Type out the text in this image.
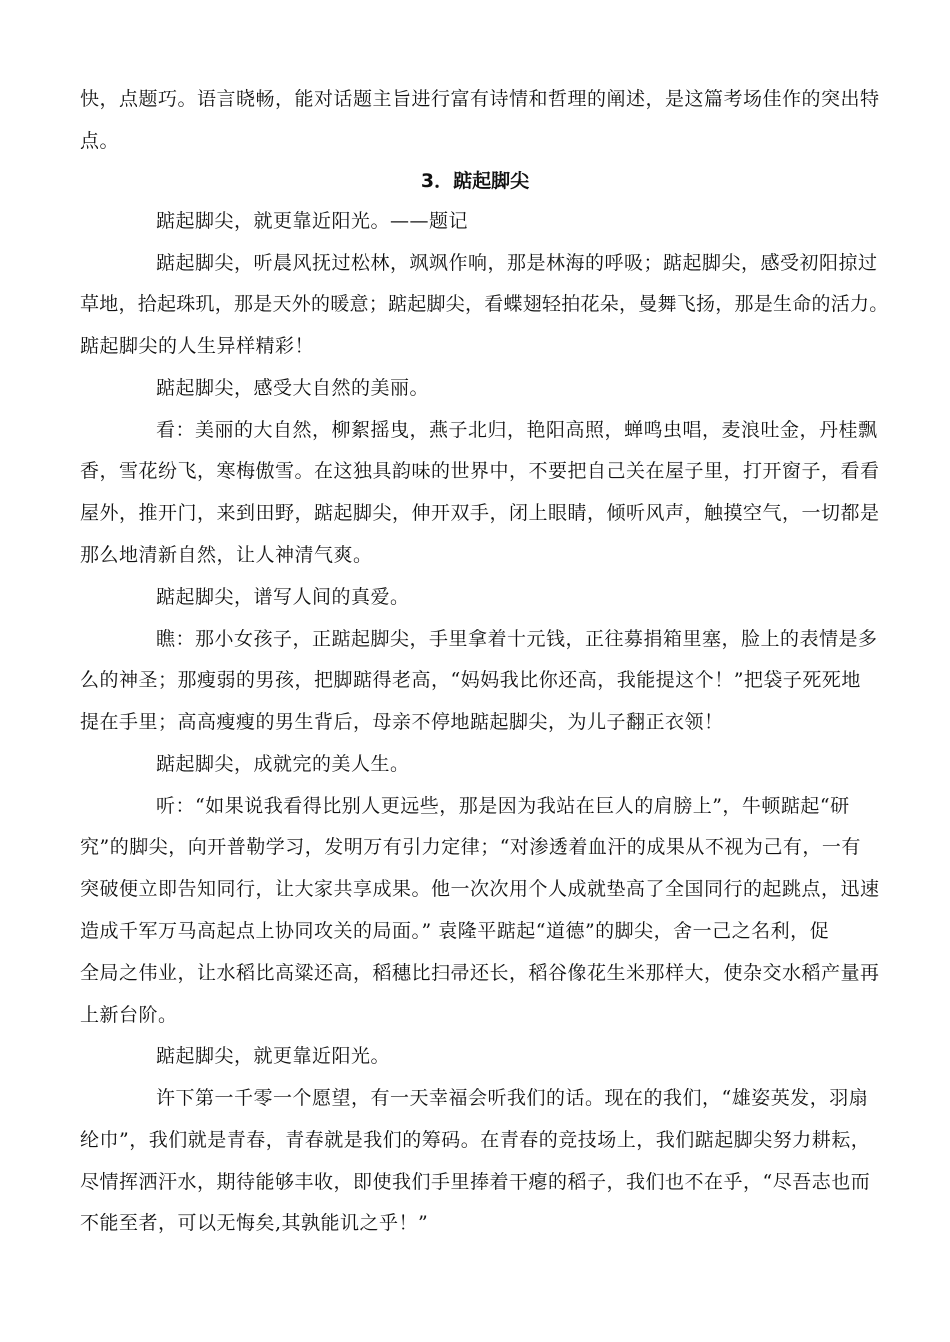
快，点题巧。语言晓畅，能对话题主旨进行富有诗情和哲理的阐述，是这篇考场佳作的突出特
点。
3．踮起脚尖
踮起脚尖，就更靠近阳光。——题记
踮起脚尖，听晨风抚过松林，飒飒作响，那是林海的呼吸；踮起脚尖，感受初阳掠过
草地，拾起珠玑，那是天外的暖意；踮起脚尖，看蝶翅轻拍花朵，曼舞飞扬，那是生命的活力。
踮起脚尖的人生异样精彩！
踮起脚尖，感受大自然的美丽。
看：美丽的大自然，柳絮摇曳，燕子北归，艳阳高照，蝉鸣虫唱，麦浪吐金，丹桂飘
香，雪花纷飞，寒梅傲雪。在这独具韵味的世界中，不要把自己关在屋子里，打开窗子，看看
屋外，推开门，来到田野，踮起脚尖，伸开双手，闭上眼睛，倾听风声，触摸空气，一切都是
那么地清新自然，让人神清气爽。
踮起脚尖，谱写人间的真爱。
瞧：那小女孩子，正踮起脚尖，手里拿着十元钱，正往募捐箱里塞，脸上的表情是多
么的神圣；那瘦弱的男孩，把脚踮得老高，“妈妈我比你还高，我能提这个！”把袋子死死地
提在手里；高高瘦瘦的男生背后，母亲不停地踮起脚尖，为儿子翻正衣领！
踮起脚尖，成就完的美人生。
听：“如果说我看得比别人更远些，那是因为我站在巨人的肩膀上”，牛顿踮起“研
究”的脚尖，向开普勒学习，发明万有引力定律；“对渗透着血汗的成果从不视为己有，一有
突破便立即告知同行，让大家共享成果。他一次次用个人成就垫高了全国同行的起跳点，迅速
造成千军万马高起点上协同攻关的局面。” 袁隆平踮起“道德”的脚尖，舍一己之名利，促
全局之伟业，让水稻比高粱还高，稻穗比扫帚还长，稻谷像花生米那样大，使杂交水稻产量再
上新台阶。
踮起脚尖，就更靠近阳光。
许下第一千零一个愿望，有一天幸福会听我们的话。现在的我们，“雄姿英发，羽扇
纶巾”，我们就是青春，青春就是我们的筹码。在青春的竞技场上，我们踮起脚尖努力耕耘，
尽情挥洒汗水，期待能够丰收，即使我们手里捧着干瘪的稻子，我们也不在乎，“尽吾志也而
不能至者，可以无悔矣,其孰能讥之乎！”
